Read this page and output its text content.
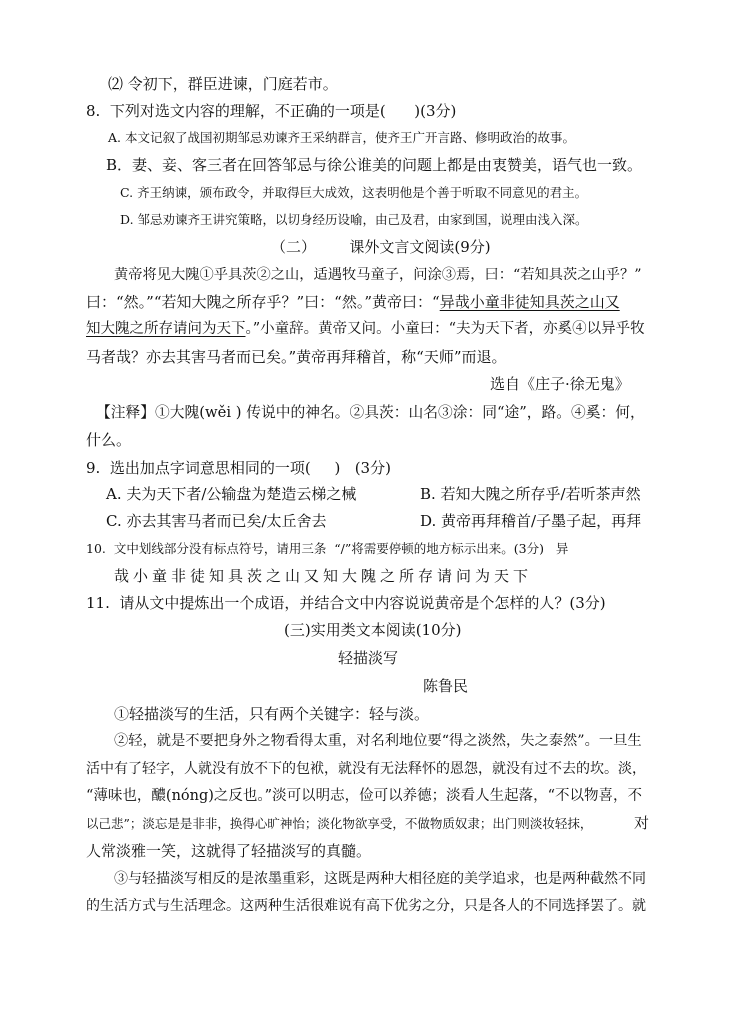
⑵ 令初下，群臣进谏，门庭若市。
8.  下列对选文内容的理解，不正确的一项是(      )(3分)
A. 本文记叙了战国初期邹忌劝谏齐王采纳群言，使齐王广开言路、修明政治的故事。
B．妻、妾、客三者在回答邹忌与徐公谁美的问题上都是由衷赞美，语气也一致。
C. 齐王纳谏，颁布政令，并取得巨大成效，这表明他是个善于听取不同意见的君主。
D. 邹忌劝谏齐王讲究策略，以切身经历设喻，由己及君，由家到国，说理由浅入深。
（二）       课外文言文阅读(9分)
黄帝将见大隗①乎具茨②之山，适遇牧马童子，问涂③焉，曰：“若知具茨之山乎？”
曰：“然。”“若知大隗之所存乎？”曰：“然。”黄帝曰：“异哉小童非徒知具茨之山又
知大隗之所存请问为天下。”小童辞。黄帝又问。小童曰：“夫为天下者，亦奚④以异乎牧
马者哉？亦去其害马者而已矣。”黄帝再拜稽首，称“天师”而退。
选自《庄子·徐无鬼》
【注释】①大隗(wěi ) 传说中的神名。②具茨：山名③涂：同“途”，路。④奚：何，
什么。
9.  选出加点字词意思相同的一项(     )   (3分)
A. 夫为天下者/公输盘为楚造云梯之械	B. 若知大隗之所存乎/若听茶声然
C. 亦去其害马者而已矣/太丘舍去	D. 黄帝再拜稽首/子墨子起，再拜
10.  文中划线部分没有标点符号，请用三条  “/”将需要停顿的地方标示出来。(3分)   异
哉小童非徒知具茨之山又知大隗之所存请问为天下
11.  请从文中提炼出一个成语，并结合文中内容说说黄帝是个怎样的人？(3分)
(三)实用类文本阅读(10分)
轻描淡写
陈鲁民
①轻描淡写的生活，只有两个关键字：轻与淡。
②轻，就是不要把身外之物看得太重，对名利地位要“得之淡然，失之泰然”。一旦生
活中有了轻字，人就没有放不下的包袱，就没有无法释怀的恩怨，就没有过不去的坎。淡，
“薄味也，醲(nóng)之反也。”淡可以明志，俭可以养德；淡看人生起落，“不以物喜，不
以己悲”；淡忘是是非非，换得心旷神怡；淡化物欲享受，不做物质奴隶；出门则淡妆轻抹，	对
人常淡雅一笑，这就得了轻描淡写的真髓。
③与轻描淡写相反的是浓墨重彩，这既是两种大相径庭的美学追求，也是两种截然不同
的生活方式与生活理念。这两种生活很难说有高下优劣之分，只是各人的不同选择罢了。就
